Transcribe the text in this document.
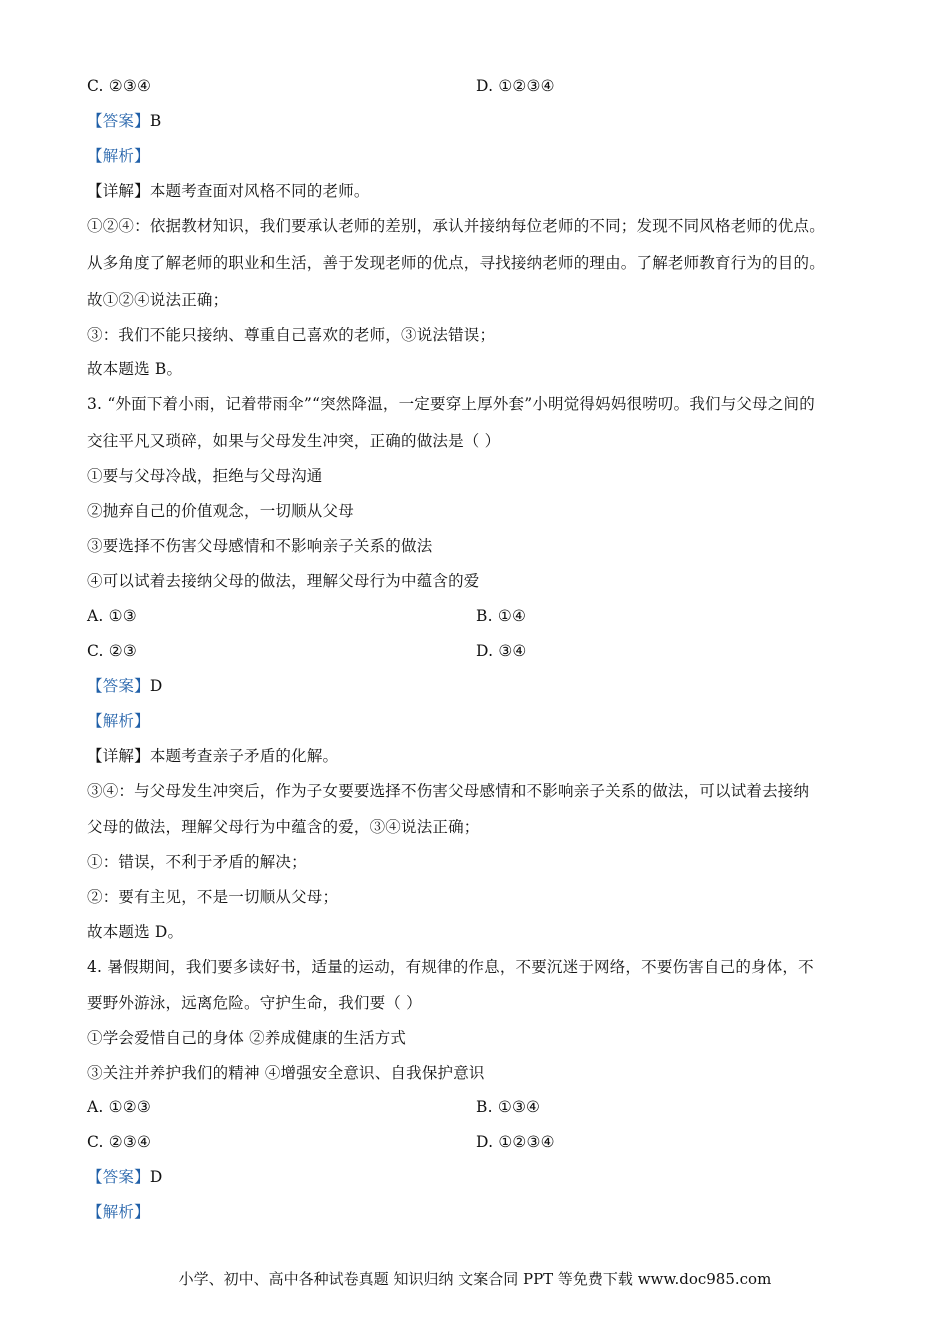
C. ②③④	D. ①②③④
【答案】B
【解析】
【详解】本题考查面对风格不同的老师。
①②④：依据教材知识，我们要承认老师的差别，承认并接纳每位老师的不同；发现不同风格老师的优点。
从多角度了解老师的职业和生活，善于发现老师的优点，寻找接纳老师的理由。了解老师教育行为的目的。
故①②④说法正确；
③：我们不能只接纳、尊重自己喜欢的老师，③说法错误；
故本题选 B。
3. “外面下着小雨，记着带雨伞”“突然降温，一定要穿上厚外套”小明觉得妈妈很唠叨。我们与父母之间的
交往平凡又琐碎，如果与父母发生冲突，正确的做法是（ ）
①要与父母冷战，拒绝与父母沟通
②抛弃自己的价值观念，一切顺从父母
③要选择不伤害父母感情和不影响亲子关系的做法
④可以试着去接纳父母的做法，理解父母行为中蕴含的爱
A. ①③	B. ①④
C. ②③	D. ③④
【答案】D
【解析】
【详解】本题考查亲子矛盾的化解。
③④：与父母发生冲突后，作为子女要要选择不伤害父母感情和不影响亲子关系的做法，可以试着去接纳
父母的做法，理解父母行为中蕴含的爱，③④说法正确；
①：错误，不利于矛盾的解决；
②：要有主见，不是一切顺从父母；
故本题选 D。
4. 暑假期间，我们要多读好书，适量的运动，有规律的作息，不要沉迷于网络，不要伤害自己的身体，不
要野外游泳，远离危险。守护生命，我们要（ ）
①学会爱惜自己的身体 ②养成健康的生活方式
③关注并养护我们的精神 ④增强安全意识、自我保护意识
A. ①②③	B. ①③④
C. ②③④	D. ①②③④
【答案】D
【解析】
小学、初中、高中各种试卷真题 知识归纳 文案合同 PPT 等免费下载 www.doc985.com
